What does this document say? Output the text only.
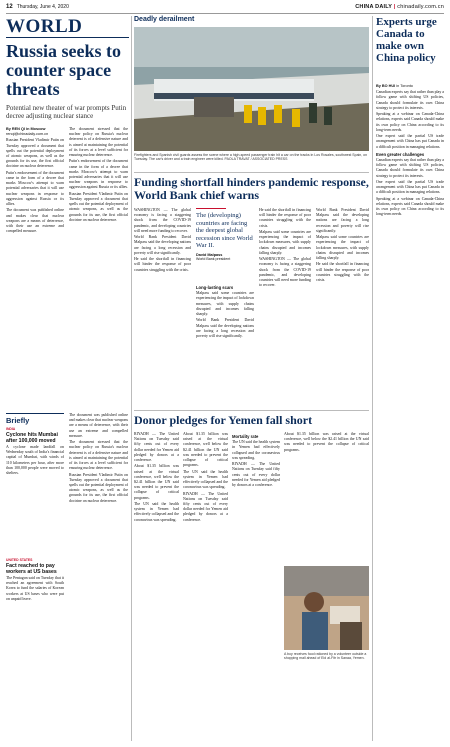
12 Thursday, June 4, 2020	CHINA DAILY | chinadaily.com.cn
WORLD
Russia seeks to counter space threats
Potential new theater of war prompts Putin decree adjusting nuclear stance
By REN QI in Moscow
renqi@chinadaily.com.cn

Russian President Vladimir Putin on Tuesday approved a document that spells out the potential deployment of atomic weapons, as well as the grounds for its use, the first official doctrine on nuclear deterrence.

Putin's endorsement of the document came in the form of a decree that marks Moscow's attempt to warn potential adversaries that it will use nuclear weapons in response to aggression against Russia or its allies.

The document was published online and makes clear that nuclear weapons are a means of deterrence, with their use an extreme and compelled measure.

The document stressed that the nuclear policy on Russia's nuclear deterrent is of a defensive nature and is aimed at maintaining the potential of its forces at a level sufficient for ensuring nuclear deterrence.

Putin's endorsement of the document came in the form of a decree that marks Moscow's attempt to warn potential adversaries that it will use nuclear weapons in response to aggression against Russia or its allies.

Russian President Vladimir Putin on Tuesday approved a document that spells out the potential deployment of atomic weapons, as well as the grounds for its use, the first official doctrine on nuclear deterrence.

Briefly
INDIA
Cyclone hits Mumbai after 100,000 moved
A cyclone made landfall on Wednesday south of India's financial capital of Mumbai, with winds of 110 kilometers per hour, after more than 100,000 people were moved to shelters.
UNITED STATES
Fact reached to pay workers at US bases
The Pentagon said on Tuesday that it reached an agreement with South Korea to fund the salaries of Korean workers at US bases who were put on unpaid leave.

The document was published online and makes clear that nuclear weapons are a means of deterrence, with their use an extreme and compelled measure.

The document stressed that the nuclear policy on Russia's nuclear deterrent is of a defensive nature and is aimed at maintaining the potential of its forces at a level sufficient for ensuring nuclear deterrence.

Russian President Vladimir Putin on Tuesday approved a document that spells out the potential deployment of atomic weapons, as well as the grounds for its use, the first official doctrine on nuclear deterrence.

Deadly derailment
Firefighters and Spanish civil guards assess the scene where a high-speed passenger train hit a car on the tracks in Los Rosales, southwest Spain, on Tuesday. The car's driver and a train engineer were killed. PAOLA TRAVAT / ASSOCIATED PRESS
Funding shortfall hinders pandemic response, World Bank chief warns

WASHINGTON — The global economy is facing a staggering shock from the COVID-19 pandemic, and developing countries will need more funding to recover.

World Bank President David Malpass said the developing nations are facing a long recession and poverty will rise significantly.

He said the shortfall in financing will hinder the response of poor countries struggling with the crisis.

The (developing) countries are facing the deepest global recession since World War II.
David Malpass
World Bank president
Long-lasting scars

Malpass said some countries are experiencing the impact of lockdown measures, with supply chains disrupted and incomes falling sharply.

World Bank President David Malpass said the developing nations are facing a long recession and poverty will rise significantly.

He said the shortfall in financing will hinder the response of poor countries struggling with the crisis.

Malpass said some countries are experiencing the impact of lockdown measures, with supply chains disrupted and incomes falling sharply.

WASHINGTON — The global economy is facing a staggering shock from the COVID-19 pandemic, and developing countries will need more funding to recover.

World Bank President David Malpass said the developing nations are facing a long recession and poverty will rise significantly.

Malpass said some countries are experiencing the impact of lockdown measures, with supply chains disrupted and incomes falling sharply.

He said the shortfall in financing will hinder the response of poor countries struggling with the crisis.

Donor pledges for Yemen fall short

RIYADH — The United Nations on Tuesday said fifty cents out of every dollar needed for Yemen aid pledged by donors at a conference.

About $1.35 billion was raised at the virtual conference, well below the $2.41 billion the UN said was needed to prevent the collapse of critical programs.

The UN said the health system in Yemen had effectively collapsed and the coronavirus was spreading.

About $1.35 billion was raised at the virtual conference, well below the $2.41 billion the UN said was needed to prevent the collapse of critical programs.

The UN said the health system in Yemen had effectively collapsed and the coronavirus was spreading.

RIYADH — The United Nations on Tuesday said fifty cents out of every dollar needed for Yemen aid pledged by donors at a conference.

Mortality rate

The UN said the health system in Yemen had effectively collapsed and the coronavirus was spreading.

RIYADH — The United Nations on Tuesday said fifty cents out of every dollar needed for Yemen aid pledged by donors at a conference.

About $1.35 billion was raised at the virtual conference, well below the $2.41 billion the UN said was needed to prevent the collapse of critical programs.

A boy receives food rationed by a volunteer outside a shopping mall ahead of Eid al-Fitr in Sanaa, Yemen.
Experts urge Canada to make own China policy
By BO HUI in Toronto

Canadian experts say that rather than play a follow game with shifting US policies, Canada should formulate its own China strategy to protect its interests.

Speaking at a webinar on Canada-China relations, experts said Canada should make its own policy on China according to its long-term needs.

One expert said the partial US trade arrangement with China has put Canada in a difficult position in managing relations.

Even greater challenges

Canadian experts say that rather than play a follow game with shifting US policies, Canada should formulate its own China strategy to protect its interests.

One expert said the partial US trade arrangement with China has put Canada in a difficult position in managing relations.

Speaking at a webinar on Canada-China relations, experts said Canada should make its own policy on China according to its long-term needs.
